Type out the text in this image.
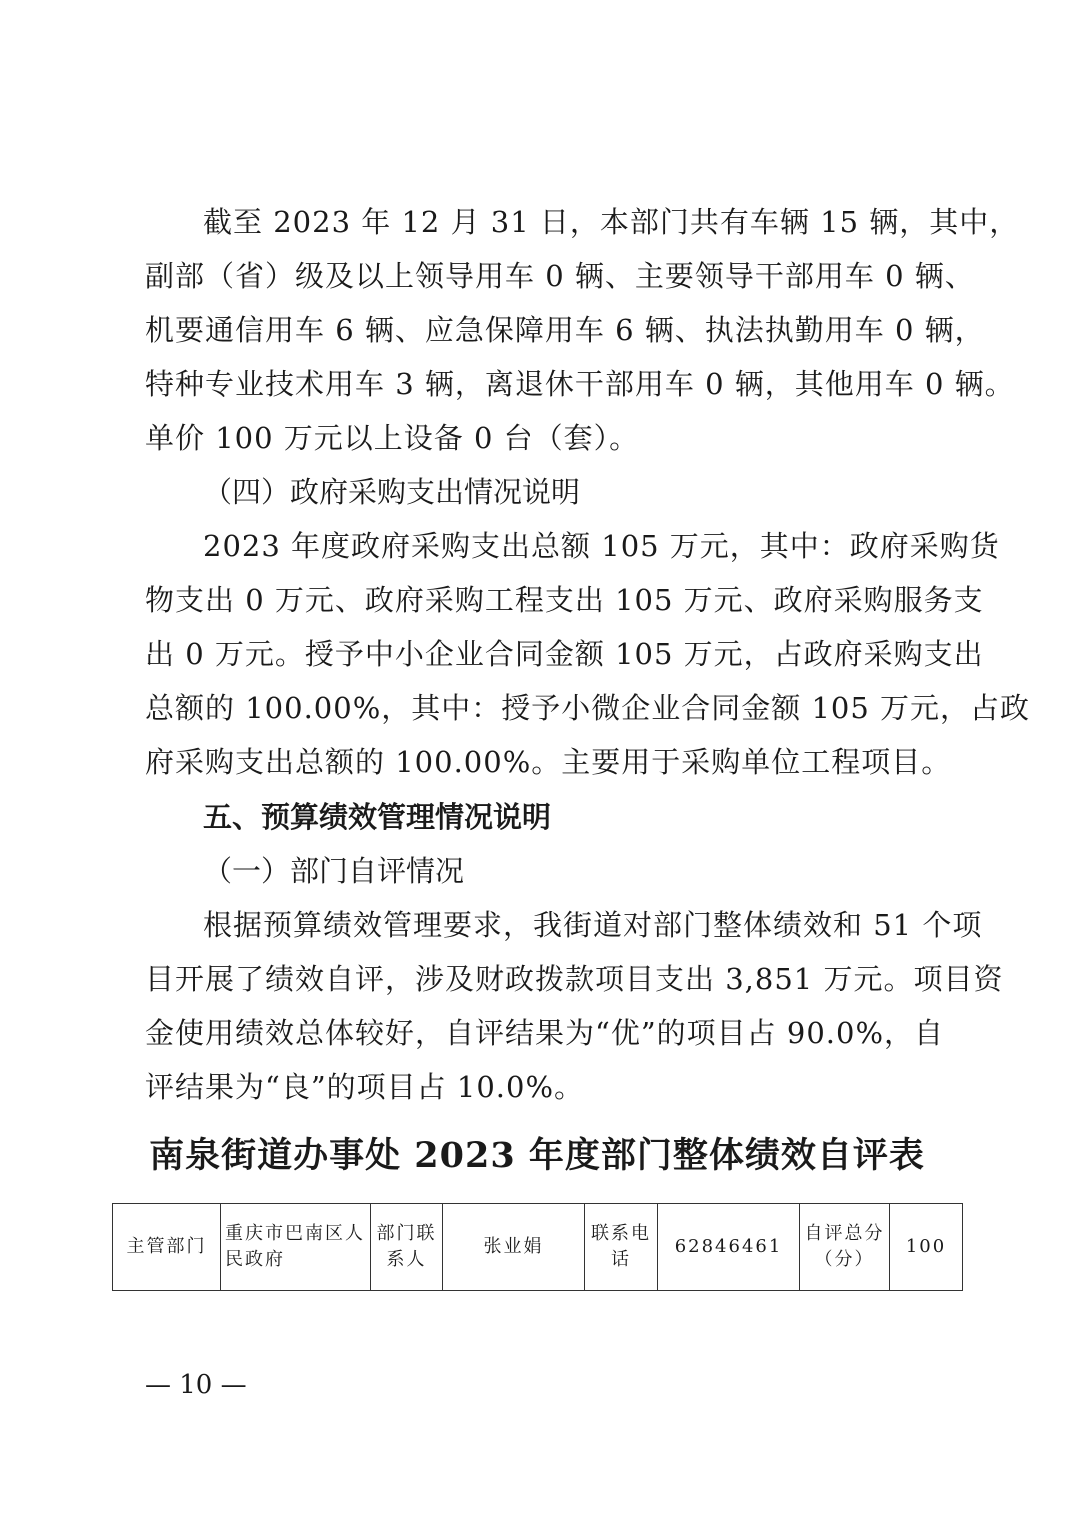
截至 2023 年 12 月 31 日，本部门共有车辆 15 辆，其中，
副部（省）级及以上领导用车 0 辆、主要领导干部用车 0 辆、
机要通信用车 6 辆、应急保障用车 6 辆、执法执勤用车 0 辆，
特种专业技术用车 3 辆，离退休干部用车 0 辆，其他用车 0 辆。
单价 100 万元以上设备 0 台（套）。
（四）政府采购支出情况说明
2023 年度政府采购支出总额 105 万元，其中：政府采购货
物支出 0 万元、政府采购工程支出 105 万元、政府采购服务支
出 0 万元。授予中小企业合同金额 105 万元，占政府采购支出
总额的 100.00%，其中：授予小微企业合同金额 105 万元，占政
府采购支出总额的 100.00%。主要用于采购单位工程项目。
五、预算绩效管理情况说明
（一）部门自评情况
根据预算绩效管理要求，我街道对部门整体绩效和 51 个项
目开展了绩效自评，涉及财政拨款项目支出 3,851 万元。项目资
金使用绩效总体较好，自评结果为“优”的项目占 90.0%，自
评结果为“良”的项目占 10.0%。
南泉街道办事处 2023 年度部门整体绩效自评表
主管部门	重庆市巴南区人民政府	部门联系人	张业娟	联系电话	62846461	自评总分（分）	100
— 10 —
